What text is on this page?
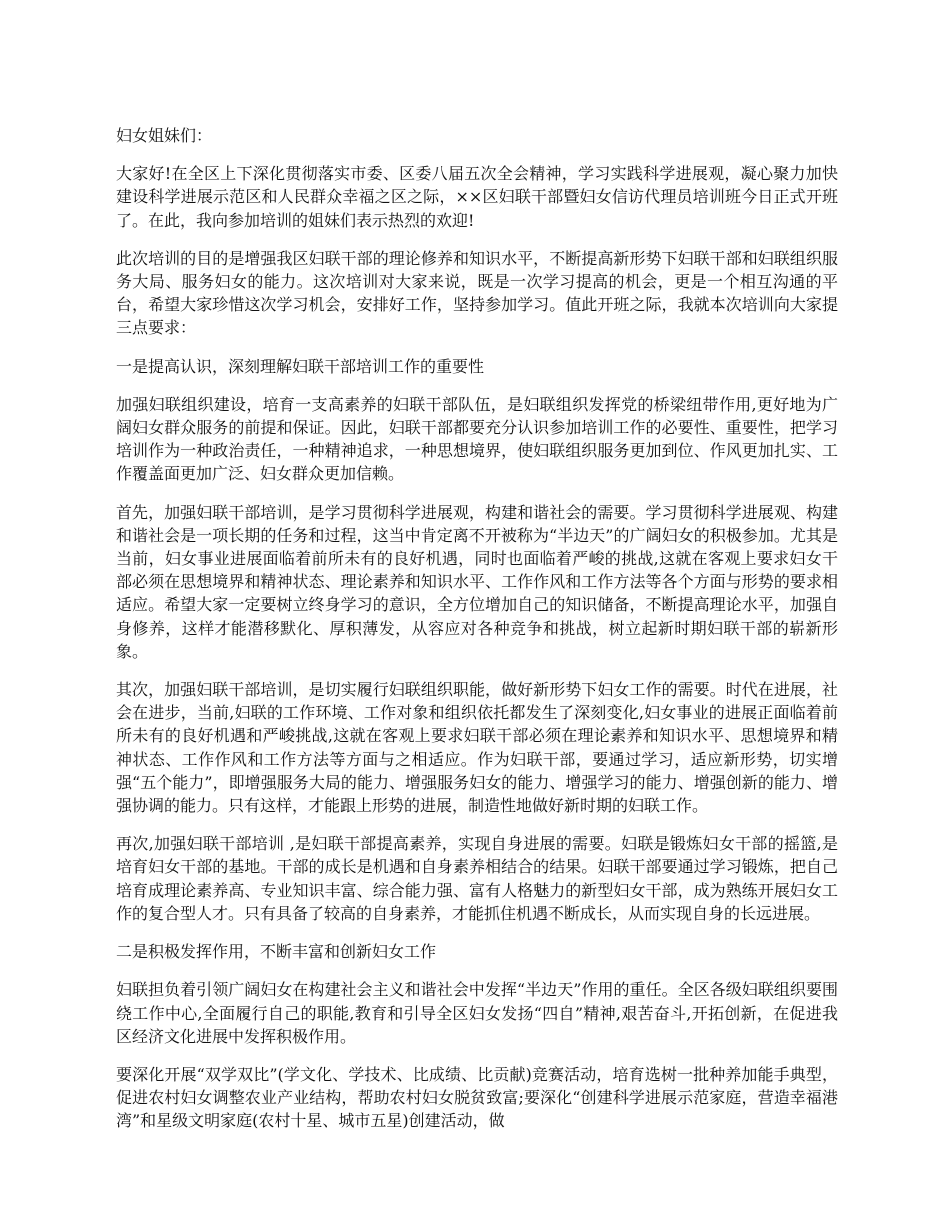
妇女姐妹们：

大家好!在全区上下深化贯彻落实市委、区委八届五次全会精神，学习实践科学进展观，凝心聚力加快建设科学进展示范区和人民群众幸福之区之际，××区妇联干部暨妇女信访代理员培训班今日正式开班了。在此，我向参加培训的姐妹们表示热烈的欢迎!

此次培训的目的是增强我区妇联干部的理论修养和知识水平，不断提高新形势下妇联干部和妇联组织服务大局、服务妇女的能力。这次培训对大家来说，既是一次学习提高的机会，更是一个相互沟通的平台，希望大家珍惜这次学习机会，安排好工作，坚持参加学习。值此开班之际，我就本次培训向大家提三点要求：

一是提高认识，深刻理解妇联干部培训工作的重要性

加强妇联组织建设，培育一支高素养的妇联干部队伍，是妇联组织发挥党的桥梁纽带作用,更好地为广阔妇女群众服务的前提和保证。因此，妇联干部都要充分认识参加培训工作的必要性、重要性，把学习培训作为一种政治责任，一种精神追求，一种思想境界，使妇联组织服务更加到位、作风更加扎实、工作覆盖面更加广泛、妇女群众更加信赖。

首先，加强妇联干部培训，是学习贯彻科学进展观，构建和谐社会的需要。学习贯彻科学进展观、构建和谐社会是一项长期的任务和过程，这当中肯定离不开被称为“半边天”的广阔妇女的积极参加。尤其是当前，妇女事业进展面临着前所未有的良好机遇，同时也面临着严峻的挑战,这就在客观上要求妇女干部必须在思想境界和精神状态、理论素养和知识水平、工作作风和工作方法等各个方面与形势的要求相适应。希望大家一定要树立终身学习的意识，全方位增加自己的知识储备，不断提高理论水平，加强自身修养，这样才能潜移默化、厚积薄发，从容应对各种竞争和挑战，树立起新时期妇联干部的崭新形象。

其次，加强妇联干部培训，是切实履行妇联组织职能，做好新形势下妇女工作的需要。时代在进展，社会在进步，当前,妇联的工作环境、工作对象和组织依托都发生了深刻变化,妇女事业的进展正面临着前所未有的良好机遇和严峻挑战,这就在客观上要求妇联干部必须在理论素养和知识水平、思想境界和精神状态、工作作风和工作方法等方面与之相适应。作为妇联干部，要通过学习，适应新形势，切实增强“五个能力”，即增强服务大局的能力、增强服务妇女的能力、增强学习的能力、增强创新的能力、增强协调的能力。只有这样，才能跟上形势的进展，制造性地做好新时期的妇联工作。

再次,加强妇联干部培训 ,是妇联干部提高素养，实现自身进展的需要。妇联是锻炼妇女干部的摇篮,是培育妇女干部的基地。干部的成长是机遇和自身素养相结合的结果。妇联干部要通过学习锻炼，把自己培育成理论素养高、专业知识丰富、综合能力强、富有人格魅力的新型妇女干部，成为熟练开展妇女工作的复合型人才。只有具备了较高的自身素养，才能抓住机遇不断成长，从而实现自身的长远进展。

二是积极发挥作用，不断丰富和创新妇女工作

妇联担负着引领广阔妇女在构建社会主义和谐社会中发挥“半边天”作用的重任。全区各级妇联组织要围绕工作中心,全面履行自己的职能,教育和引导全区妇女发扬“四自”精神,艰苦奋斗,开拓创新，在促进我区经济文化进展中发挥积极作用。

要深化开展“双学双比”(学文化、学技术、比成绩、比贡献)竞赛活动，培育选树一批种养加能手典型，促进农村妇女调整农业产业结构，帮助农村妇女脱贫致富;要深化“创建科学进展示范家庭，营造幸福港湾”和星级文明家庭(农村十星、城市五星)创建活动，做
